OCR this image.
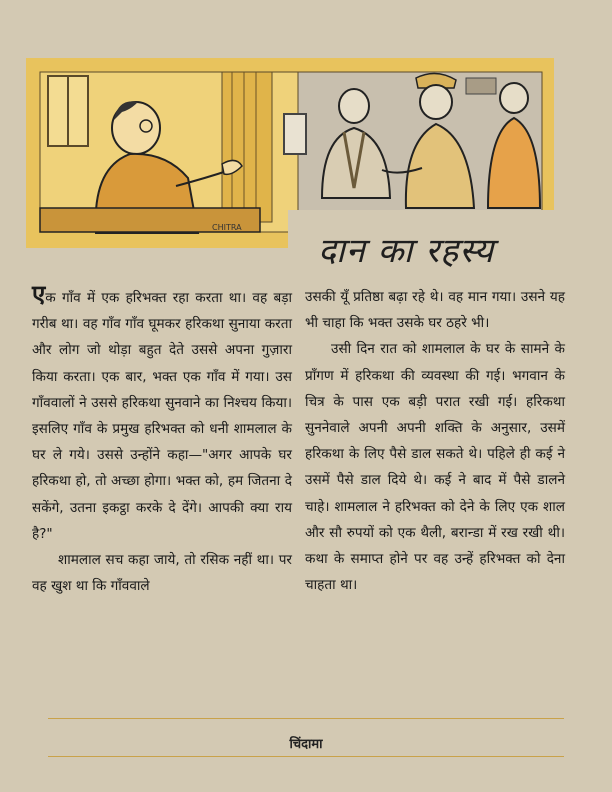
CHITRA
दान का रहस्य

एक गाँव में एक हरिभक्त रहा करता था। वह बड़ा गरीब था। वह गाँव गाँव घूमकर हरिकथा सुनाया करता और लोग जो थोड़ा बहुत देते उससे अपना गुज़ारा किया करता। एक बार, भक्त एक गाँव में गया। उस गाँववालों ने उससे हरिकथा सुनवाने का निश्चय किया। इसलिए गाँव के प्रमुख हरिभक्त को धनी शामलाल के घर ले गये। उससे उन्होंने कहा—"अगर आपके घर हरिकथा हो, तो अच्छा होगा। भक्त को, हम जितना दे सकेंगे, उतना इकट्ठा करके दे देंगे। आपकी क्या राय है?"

शामलाल सच कहा जाये, तो रसिक नहीं था। पर वह खुश था कि गाँववाले

उसकी यूँ प्रतिष्ठा बढ़ा रहे थे। वह मान गया। उसने यह भी चाहा कि भक्त उसके घर ठहरे भी।

उसी दिन रात को शामलाल के घर के सामने के प्राँगण में हरिकथा की व्यवस्था की गई। भगवान के चित्र के पास एक बड़ी परात रखी गई। हरिकथा सुननेवाले अपनी अपनी शक्ति के अनुसार, उसमें हरिकथा के लिए पैसे डाल सकते थे। पहिले ही कई ने उसमें पैसे डाल दिये थे। कई ने बाद में पैसे डालने चाहे। शामलाल ने हरिभक्त को देने के लिए एक शाल और सौ रुपयों को एक थैली, बरान्डा में रख रखी थी। कथा के समाप्त होने पर वह उन्हें हरिभक्त को देना चाहता था।

चिंदामा
